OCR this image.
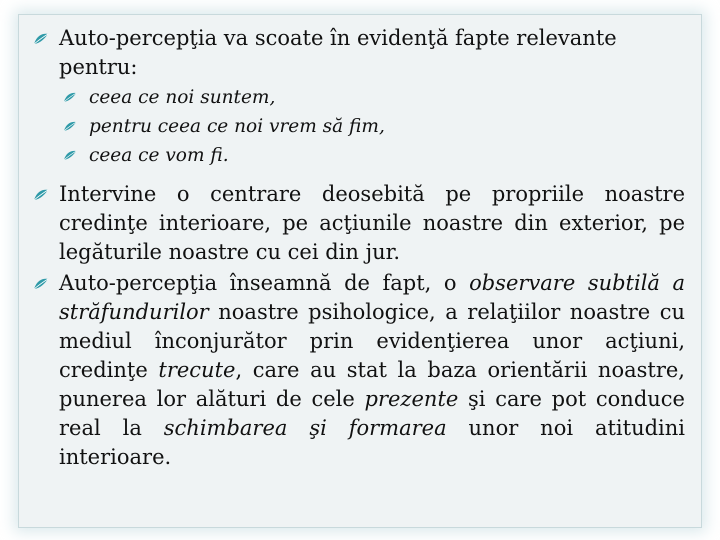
Auto-percepţia va scoate în evidenţă fapte relevante pentru:
ceea ce noi suntem,
pentru ceea ce noi vrem să fim,
ceea ce vom fi.
Intervine o centrare deosebită pe propriile noastre credinţe interioare, pe acţiunile noastre din exterior, pe legăturile noastre cu cei din jur.
Auto-percepţia înseamnă de fapt, o observare subtilă a străfundurilor noastre psihologice, a relaţiilor noastre cu mediul înconjurător prin evidenţierea unor acţiuni, credinţe trecute, care au stat la baza orientării noastre, punerea lor alături de cele prezente şi care pot conduce real la schimbarea şi formarea unor noi atitudini interioare.
